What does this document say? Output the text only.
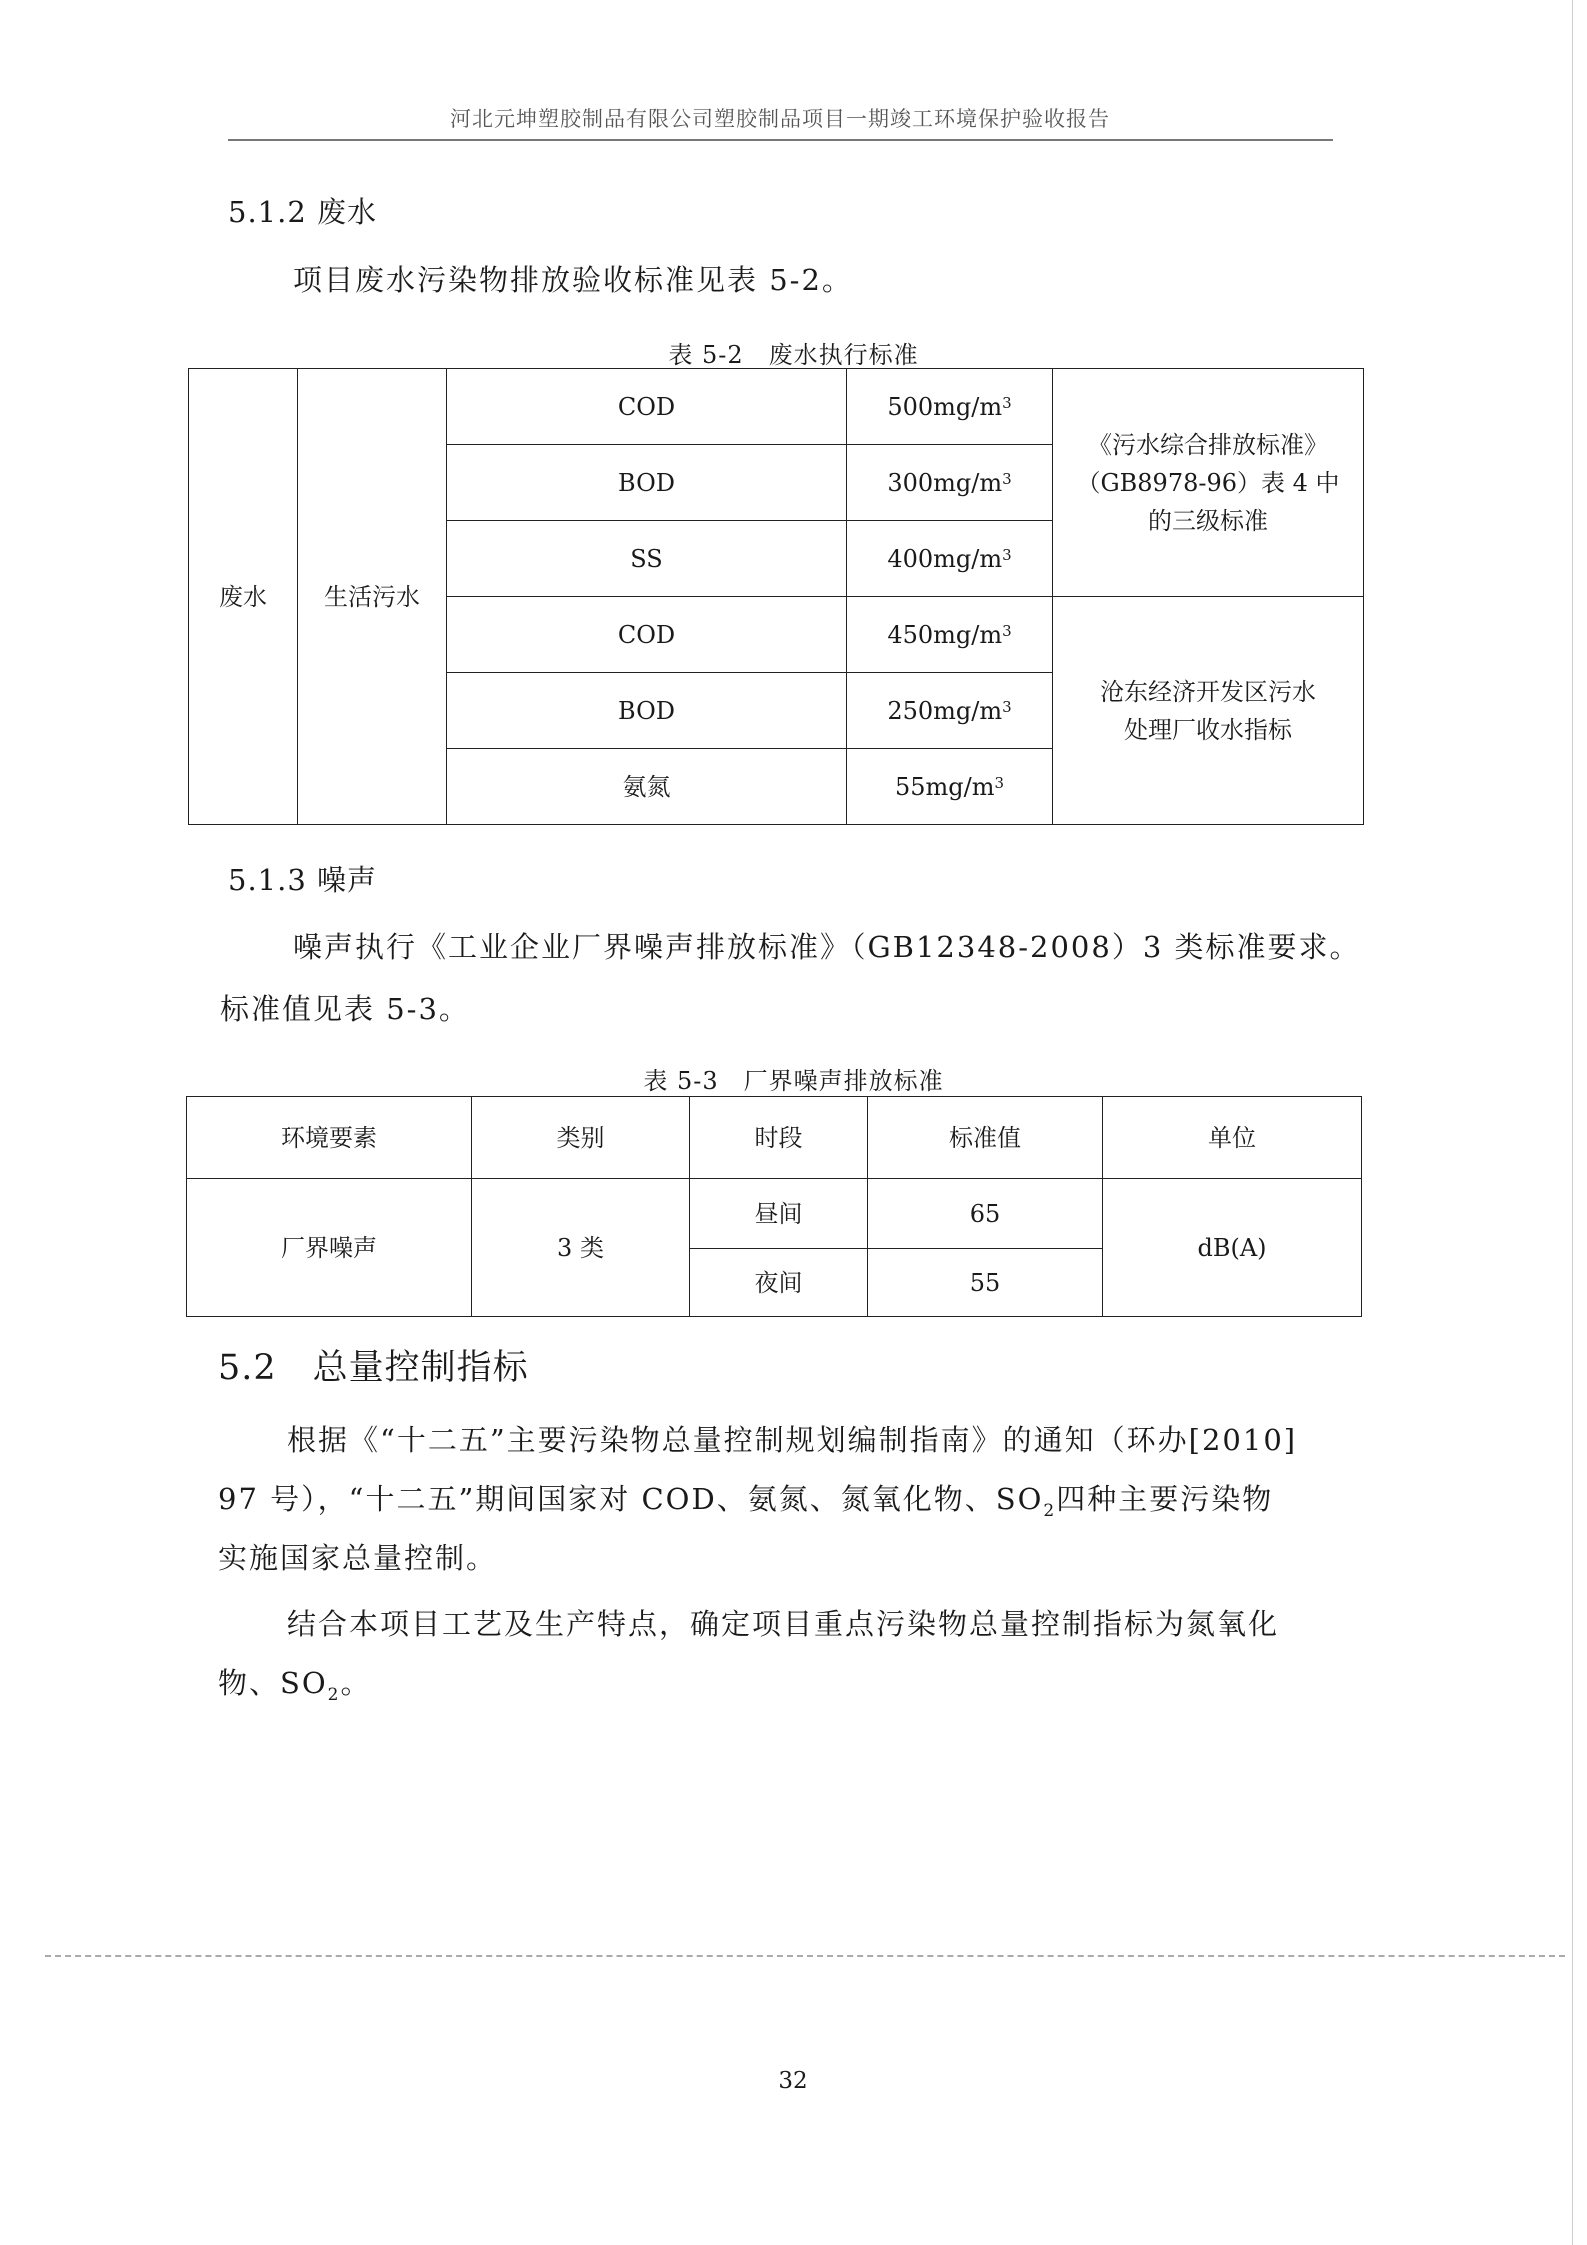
河北元坤塑胶制品有限公司塑胶制品项目一期竣工环境保护验收报告
5.1.2 废水
项目废水污染物排放验收标准见表 5-2。
表 5-2　废水执行标准
废水	生活污水	COD	$500mg/m^3$	《污水综合排放标准》
（GB8978-96）表 4 中
的三级标准

		BOD	$300mg/m^3$
		SS	$400mg/m^3$
		COD	$450mg/m^3$	沧东经济开发区污水
处理厂收水指标

		BOD	$250mg/m^3$
		氨氮	$55mg/m^3$
5.1.3 噪声
噪声执行《工业企业厂界噪声排放标准》（GB12348-2008）3 类标准要求。
标准值见表 5-3。
表 5-3　厂界噪声排放标准
环境要素	类别	时段	标准值	单位
厂界噪声	3 类	昼间	65	dB(A)
		夜间	55	
5.2　总量控制指标
根据《“十二五”主要污染物总量控制规划编制指南》的通知（环办[2010]
97 号），“十二五”期间国家对 COD、氨氮、氮氧化物、$SO_2$四种主要污染物
实施国家总量控制。
结合本项目工艺及生产特点，确定项目重点污染物总量控制指标为氮氧化
物、$SO_2$。
32
